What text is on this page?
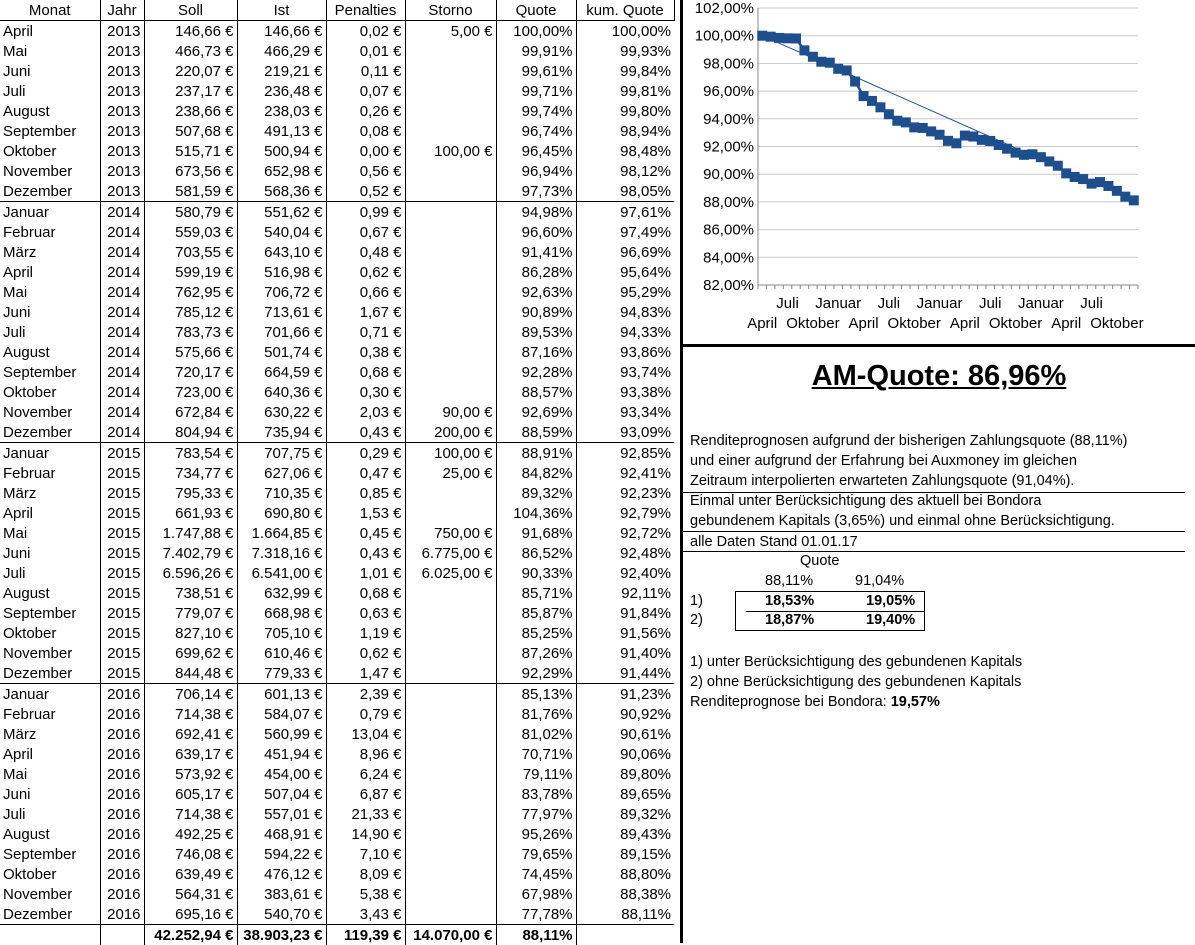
Monat	Jahr	Soll	Ist	Penalties	Storno	Quote	kum. Quote
April	2013	146,66 €	146,66 €	0,02 €	5,00 €	100,00%	100,00%
Mai	2013	466,73 €	466,29 €	0,01 €		99,91%	99,93%
Juni	2013	220,07 €	219,21 €	0,11 €		99,61%	99,84%
Juli	2013	237,17 €	236,48 €	0,07 €		99,71%	99,81%
August	2013	238,66 €	238,03 €	0,26 €		99,74%	99,80%
September	2013	507,68 €	491,13 €	0,08 €		96,74%	98,94%
Oktober	2013	515,71 €	500,94 €	0,00 €	100,00 €	96,45%	98,48%
November	2013	673,56 €	652,98 €	0,56 €		96,94%	98,12%
Dezember	2013	581,59 €	568,36 €	0,52 €		97,73%	98,05%
Januar	2014	580,79 €	551,62 €	0,99 €		94,98%	97,61%
Februar	2014	559,03 €	540,04 €	0,67 €		96,60%	97,49%
März	2014	703,55 €	643,10 €	0,48 €		91,41%	96,69%
April	2014	599,19 €	516,98 €	0,62 €		86,28%	95,64%
Mai	2014	762,95 €	706,72 €	0,66 €		92,63%	95,29%
Juni	2014	785,12 €	713,61 €	1,67 €		90,89%	94,83%
Juli	2014	783,73 €	701,66 €	0,71 €		89,53%	94,33%
August	2014	575,66 €	501,74 €	0,38 €		87,16%	93,86%
September	2014	720,17 €	664,59 €	0,68 €		92,28%	93,74%
Oktober	2014	723,00 €	640,36 €	0,30 €		88,57%	93,38%
November	2014	672,84 €	630,22 €	2,03 €	90,00 €	92,69%	93,34%
Dezember	2014	804,94 €	735,94 €	0,43 €	200,00 €	88,59%	93,09%
Januar	2015	783,54 €	707,75 €	0,29 €	100,00 €	88,91%	92,85%
Februar	2015	734,77 €	627,06 €	0,47 €	25,00 €	84,82%	92,41%
März	2015	795,33 €	710,35 €	0,85 €		89,32%	92,23%
April	2015	661,93 €	690,80 €	1,53 €		104,36%	92,79%
Mai	2015	1.747,88 €	1.664,85 €	0,45 €	750,00 €	91,68%	92,72%
Juni	2015	7.402,79 €	7.318,16 €	0,43 €	6.775,00 €	86,52%	92,48%
Juli	2015	6.596,26 €	6.541,00 €	1,01 €	6.025,00 €	90,33%	92,40%
August	2015	738,51 €	632,99 €	0,68 €		85,71%	92,11%
September	2015	779,07 €	668,98 €	0,63 €		85,87%	91,84%
Oktober	2015	827,10 €	705,10 €	1,19 €		85,25%	91,56%
November	2015	699,62 €	610,46 €	0,62 €		87,26%	91,40%
Dezember	2015	844,48 €	779,33 €	1,47 €		92,29%	91,44%
Januar	2016	706,14 €	601,13 €	2,39 €		85,13%	91,23%
Februar	2016	714,38 €	584,07 €	0,79 €		81,76%	90,92%
März	2016	692,41 €	560,99 €	13,04 €		81,02%	90,61%
April	2016	639,17 €	451,94 €	8,96 €		70,71%	90,06%
Mai	2016	573,92 €	454,00 €	6,24 €		79,11%	89,80%
Juni	2016	605,17 €	507,04 €	6,87 €		83,78%	89,65%
Juli	2016	714,38 €	557,01 €	21,33 €		77,97%	89,32%
August	2016	492,25 €	468,91 €	14,90 €		95,26%	89,43%
September	2016	746,08 €	594,22 €	7,10 €		79,65%	89,15%
Oktober	2016	639,49 €	476,12 €	8,09 €		74,45%	88,80%
November	2016	564,31 €	383,61 €	5,38 €		67,98%	88,38%
Dezember	2016	695,16 €	540,70 €	3,43 €		77,78%	88,11%
		42.252,94 €	38.903,23 €	119,39 €	14.070,00 €	88,11%	
82,00%
84,00%
86,00%
88,00%
90,00%
92,00%
94,00%
96,00%
98,00%
100,00%
102,00%
Juli Januar Juli Januar Juli Januar Juli
April Oktober April Oktober April Oktober April Oktober
AM-Quote: 86,96%
Renditeprognosen aufgrund der bisherigen Zahlungsquote (88,11%)
und einer aufgrund der Erfahrung bei Auxmoney im gleichen
Zeitraum interpolierten erwarteten Zahlungsquote (91,04%).
Einmal unter Berücksichtigung des aktuell bei Bondora
gebundenem Kapitals (3,65%) und einmal ohne Berücksichtigung.
alle Daten Stand 01.01.17
Quote
88,11%	91,04%
1)	18,53%	19,05%
2)	18,87%	19,40%
1) unter Berücksichtigung des gebundenen Kapitals
2) ohne Berücksichtigung des gebundenen Kapitals
Renditeprognose bei Bondora: 19,57%
